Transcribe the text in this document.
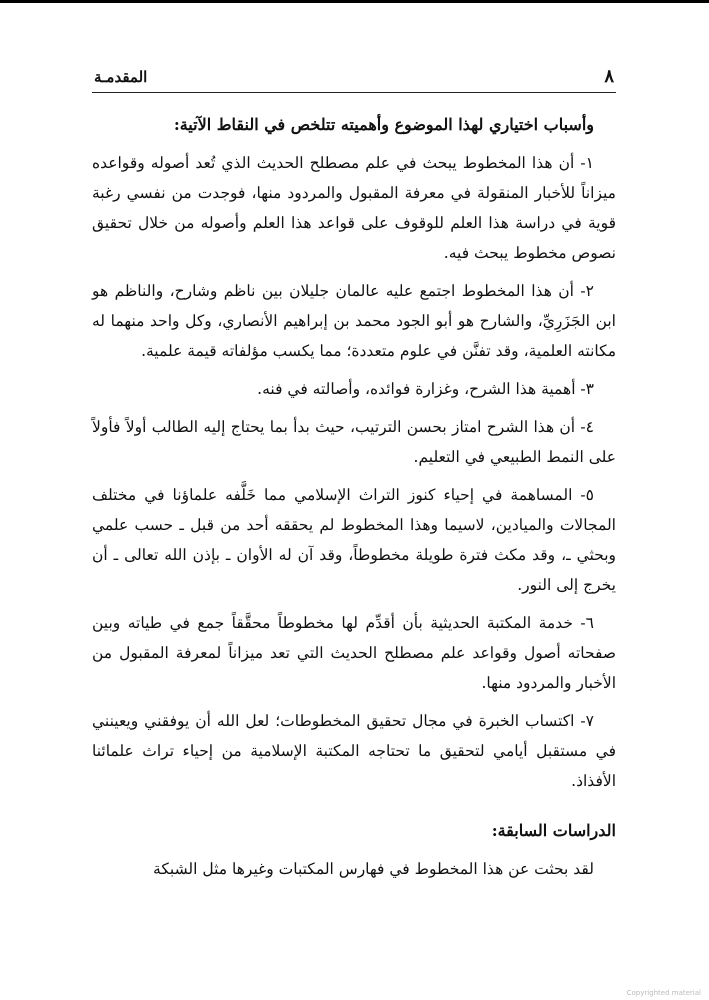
٨
المقدمـة

وأسباب اختياري لهذا الموضوع وأهميته تتلخص في النقاط الآتية:

١- أن هذا المخطوط يبحث في علم مصطلح الحديث الذي تُعد أصوله وقواعده ميزاناً للأخبار المنقولة في معرفة المقبول والمردود منها، فوجدت من نفسي رغبة قوية في دراسة هذا العلم للوقوف على قواعد هذا العلم وأصوله من خلال تحقيق نصوص مخطوط يبحث فيه.

٢- أن هذا المخطوط اجتمع عليه عالمان جليلان بين ناظم وشارح، والناظم هو ابن الجَزَرِيِّ، والشارح هو أبو الجود محمد بن إبراهيم الأنصاري، وكل واحد منهما له مكانته العلمية، وقد تفنَّن في علوم متعددة؛ مما يكسب مؤلفاته قيمة علمية.

٣- أهمية هذا الشرح، وغزارة فوائده، وأصالته في فنه.

٤- أن هذا الشرح امتاز بحسن الترتيب، حيث بدأ بما يحتاج إليه الطالب أولاً فأولاً على النمط الطبيعي في التعليم.

٥- المساهمة في إحياء كنوز التراث الإسلامي مما خَلَّفه علماؤنا في مختلف المجالات والميادين، لاسيما وهذا المخطوط لم يحققه أحد من قبل ـ حسب علمي وبحثي ـ، وقد مكث فترة طويلة مخطوطاً، وقد آن له الأوان ـ بإذن الله تعالى ـ أن يخرج إلى النور.

٦- خدمة المكتبة الحديثية بأن أقدِّم لها مخطوطاً محقَّقاً جمع في طياته وبين صفحاته أصول وقواعد علم مصطلح الحديث التي تعد ميزاناً لمعرفة المقبول من الأخبار والمردود منها.

٧- اكتساب الخبرة في مجال تحقيق المخطوطات؛ لعل الله أن يوفقني ويعينني في مستقبل أيامي لتحقيق ما تحتاجه المكتبة الإسلامية من إحياء تراث علمائنا الأفذاذ.

الدراسات السابقة:

لقد بحثت عن هذا المخطوط في فهارس المكتبات وغيرها مثل الشبكة

Copyrighted material
